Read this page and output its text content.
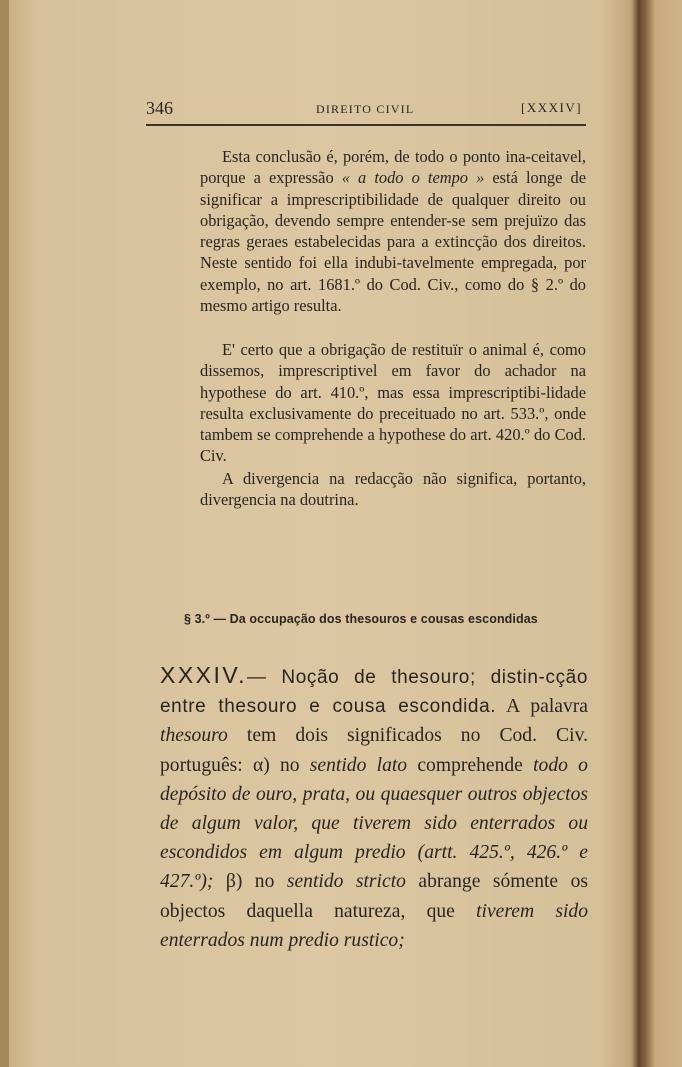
346	DIREITO CIVIL	[XXXIV]

Esta conclusão é, porém, de todo o ponto ina-ceitavel, porque a expressão « a todo o tempo » está longe de significar a imprescriptibilidade de qualquer direito ou obrigação, devendo sempre entender-se sem prejuïzo das regras geraes estabelecidas para a extincção dos direitos. Neste sentido foi ella indubi-tavelmente empregada, por exemplo, no art. 1681.º do Cod. Civ., como do § 2.º do mesmo artigo resulta.

E' certo que a obrigação de restituïr o animal é, como dissemos, imprescriptivel em favor do achador na hypothese do art. 410.º, mas essa imprescriptibi-lidade resulta exclusivamente do preceituado no art. 533.º, onde tambem se comprehende a hypothese do art. 420.º do Cod. Civ.

A divergencia na redacção não significa, portanto, divergencia na doutrina.

§ 3.º — Da occupação dos thesouros e cousas escondidas
XXXIV.— Noção de thesouro; distin-cção entre thesouro e cousa escondida. A palavra thesouro tem dois significados no Cod. Civ. português: α) no sentido lato comprehende todo o depósito de ouro, prata, ou quaesquer outros objectos de algum valor, que tiverem sido enterrados ou escondidos em algum predio (artt. 425.º, 426.º e 427.º); β) no sentido stricto abrange sómente os objectos daquella natureza, que tiverem sido enterrados num predio rustico;
